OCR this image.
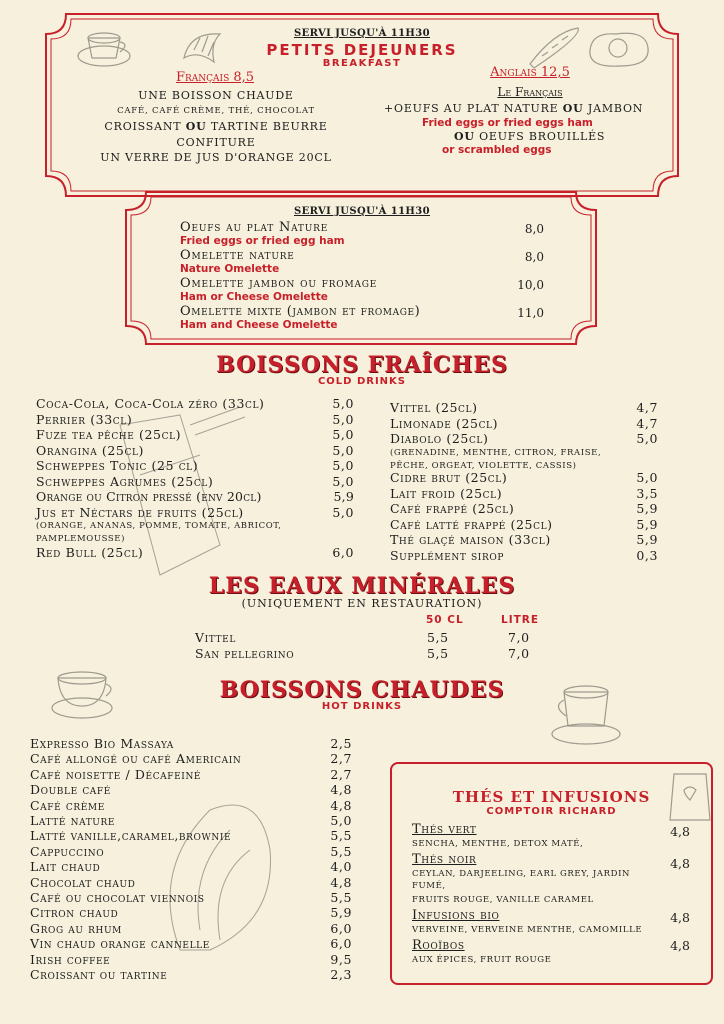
SERVI JUSQU'À 11H30
PETITS DEJEUNERS
BREAKFAST
Français 8,5
UNE BOISSON CHAUDE
CAFÉ, CAFÉ CRÈME, THÉ, CHOCOLAT
CROISSANT OU TARTINE BEURRE
CONFITURE
UN VERRE DE JUS D'ORANGE 20CL
Anglais 12,5
Le Français
+OEUFS AU PLAT NATURE OU JAMBON
Fried eggs or fried eggs ham
OU OEUFS BROUILLÉS
or scrambled eggs
SERVI JUSQU'À 11H30
Oeufs au plat Nature
Fried eggs or fried egg ham
8,0
Omelette nature
Nature Omelette
8,0
Omelette jambon ou fromage
Ham or Cheese Omelette
10,0
Omelette mixte (jambon et fromage)
Ham and Cheese Omelette
11,0
BOISSONS FRAÎCHES
COLD DRINKS
Coca-Cola, Coca-Cola zéro (33cl)	5,0
Perrier (33cl)	5,0
Fuze tea pêche (25cl)	5,0
Orangina (25cl)	5,0
Schweppes Tonic (25 cl)	5,0
Schweppes Agrumes (25cl)	5,0
Orange ou Citron pressé (env 20cl)	5,9
Jus et Néctars de fruits (25cl)	5,0
(ORANGE, ANANAS, POMME, TOMATE, ABRICOT, PAMPLEMOUSSE)
Red Bull (25cl)	6,0
Vittel (25cl)	4,7
Limonade (25cl)	4,7
Diabolo (25cl)	5,0
(GRENADINE, MENTHE, CITRON, FRAISE, PÊCHE, ORGEAT, VIOLETTE, CASSIS)
Cidre brut (25cl)	5,0
Lait froid (25cl)	3,5
Café frappé (25cl)	5,9
Café latté frappé (25cl)	5,9
Thé glaçé maison (33cl)	5,9
Supplément sirop	0,3
LES EAUX MINÉRALES
(UNIQUEMENT EN RESTAURATION)
50 CL	LITRE
Vittel	5,5	7,0
San pellegrino	5,5	7,0
BOISSONS CHAUDES
HOT DRINKS
Expresso Bio Massaya	2,5
Café allongé ou café Americain	2,7
Café noisette / Décafeiné	2,7
Double café	4,8
Café crème	4,8
Latté nature	5,0
Latté vanille,caramel,brownie	5,5
Cappuccino	5,5
Lait chaud	4,0
Chocolat chaud	4,8
Café ou chocolat viennois	5,5
Citron chaud	5,9
Grog au rhum	6,0
Vin chaud orange cannelle	6,0
Irish coffee	9,5
Croissant ou tartine	2,3
THÉS ET INFUSIONS
COMPTOIR RICHARD
Thés vert
SENCHA, MENTHE, DETOX MATÉ,
4,8
Thés noir
CEYLAN, DARJEELING, EARL GREY, JARDIN
FUMÉ,
FRUITS ROUGE, VANILLE CARAMEL
4,8
Infusions bio
VERVEINE, VERVEINE MENTHE, CAMOMILLE
4,8
Rooïbos
AUX ÉPICES, FRUIT ROUGE
4,8
